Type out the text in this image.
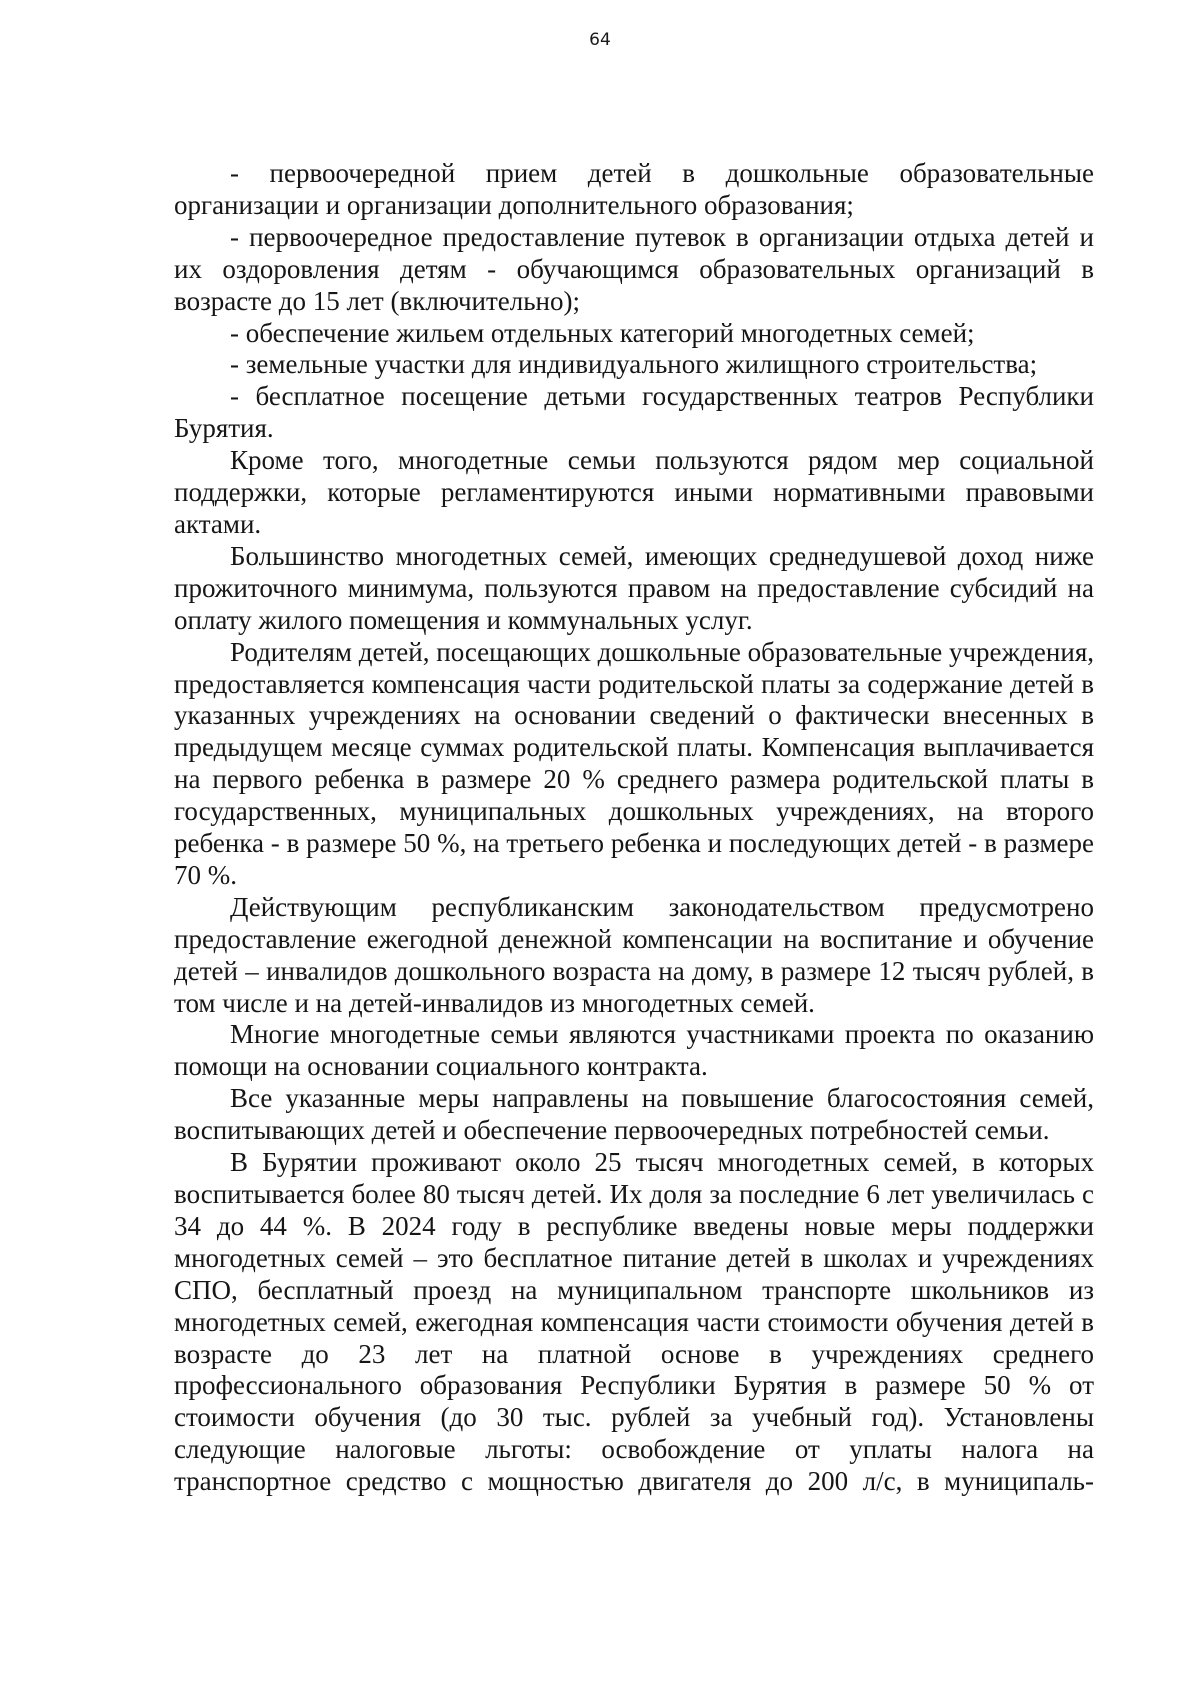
64

- первоочередной прием детей в дошкольные образовательные организации и организации дополнительного образования;

- первоочередное предоставление путевок в организации отдыха детей и их оздоровления детям - обучающимся образовательных организаций в возрасте до 15 лет (включительно);

- обеспечение жильем отдельных категорий многодетных семей;

- земельные участки для индивидуального жилищного строительства;

- бесплатное посещение детьми государственных театров Республики Бурятия.

Кроме того, многодетные семьи пользуются рядом мер социальной поддержки, которые регламентируются иными нормативными правовыми актами.

Большинство многодетных семей, имеющих среднедушевой доход ниже прожиточного минимума, пользуются правом на предоставление субсидий на оплату жилого помещения и коммунальных услуг.

Родителям детей, посещающих дошкольные образовательные учреждения, предоставляется компенсация части родительской платы за содержание детей в указанных учреждениях на основании сведений о фактически внесенных в предыдущем месяце суммах родительской платы. Компенсация выплачивается на первого ребенка в размере 20 % среднего размера родительской платы в государственных, муниципальных дошкольных учреждениях, на второго ребенка - в размере 50 %, на третьего ребенка и последующих детей - в размере 70 %.

Действующим республиканским законодательством предусмотрено предоставление ежегодной денежной компенсации на воспитание и обучение детей – инвалидов дошкольного возраста на дому, в размере 12 тысяч рублей, в том числе и на детей-инвалидов из многодетных семей.

Многие многодетные семьи являются участниками проекта по оказанию помощи на основании социального контракта.

Все указанные меры направлены на повышение благосостояния семей, воспитывающих детей и обеспечение первоочередных потребностей семьи.

В Бурятии проживают около 25 тысяч многодетных семей, в которых воспитывается более 80 тысяч детей. Их доля за последние 6 лет увеличилась с 34 до 44 %. В 2024 году в республике введены новые меры поддержки многодетных семей – это бесплатное питание детей в школах и учреждениях СПО, бесплатный проезд на муниципальном транспорте школьников из многодетных семей, ежегодная компенсация части стоимости обучения детей в возрасте до 23 лет на платной основе в учреждениях среднего профессионального образования Республики Бурятия в размере 50 % от стоимости обучения (до 30 тыс. рублей за учебный год). Установлены следующие налоговые льготы: освобождение от уплаты налога на транспортное средство с мощностью двигателя до 200 л/с, в муниципаль-
